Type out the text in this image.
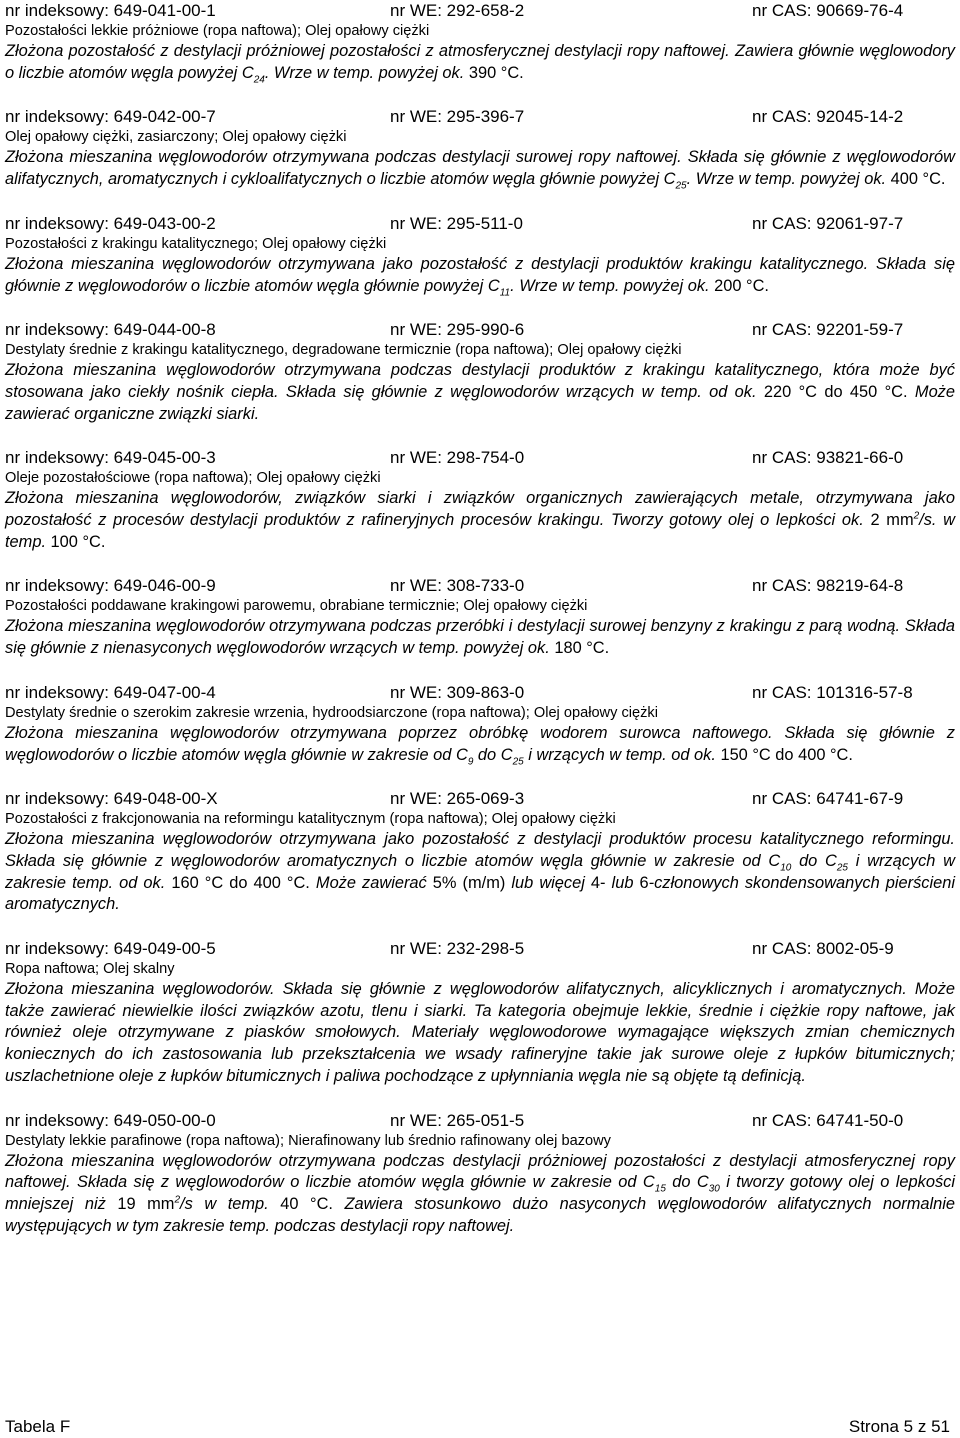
nr indeksowy: 649-041-00-1	nr WE: 292-658-2	nr CAS: 90669-76-4
Pozostałości lekkie próżniowe (ropa naftowa); Olej opałowy ciężki
Złożona pozostałość z destylacji próżniowej pozostałości z atmosferycznej destylacji ropy naftowej. Zawiera głównie węglowodory o liczbie atomów węgla powyżej $C_{24}$. Wrze w temp. powyżej ok. 390 °C.
nr indeksowy: 649-042-00-7	nr WE: 295-396-7	nr CAS: 92045-14-2
Olej opałowy ciężki, zasiarczony; Olej opałowy ciężki
Złożona mieszanina węglowodorów otrzymywana podczas destylacji surowej ropy naftowej. Składa się głównie z węglowodorów alifatycznych, aromatycznych i cykloalifatycznych o liczbie atomów węgla głównie powyżej $C_{25}$. Wrze w temp. powyżej ok. 400 °C.
nr indeksowy: 649-043-00-2	nr WE: 295-511-0	nr CAS: 92061-97-7
Pozostałości z krakingu katalitycznego; Olej opałowy ciężki
Złożona mieszanina węglowodorów otrzymywana jako pozostałość z destylacji produktów krakingu katalitycznego. Składa się głównie z węglowodorów o liczbie atomów węgla głównie powyżej $C_{11}$. Wrze w temp. powyżej ok. 200 °C.
nr indeksowy: 649-044-00-8	nr WE: 295-990-6	nr CAS: 92201-59-7
Destylaty średnie z krakingu katalitycznego, degradowane termicznie (ropa naftowa); Olej opałowy ciężki
Złożona mieszanina węglowodorów otrzymywana podczas destylacji produktów z krakingu katalitycznego, która może być stosowana jako ciekły nośnik ciepła. Składa się głównie z węglowodorów wrzących w temp. od ok. 220 °C do 450 °C. Może zawierać organiczne związki siarki.
nr indeksowy: 649-045-00-3	nr WE: 298-754-0	nr CAS: 93821-66-0
Oleje pozostałościowe (ropa naftowa); Olej opałowy ciężki
Złożona mieszanina węglowodorów, związków siarki i związków organicznych zawierających metale, otrzymywana jako pozostałość z procesów destylacji produktów z rafineryjnych procesów krakingu. Tworzy gotowy olej o lepkości ok. 2 $mm^2/s$. w temp. 100 °C.
nr indeksowy: 649-046-00-9	nr WE: 308-733-0	nr CAS: 98219-64-8
Pozostałości poddawane krakingowi parowemu, obrabiane termicznie; Olej opałowy ciężki
Złożona mieszanina węglowodorów otrzymywana podczas przeróbki i destylacji surowej benzyny z krakingu z parą wodną. Składa się głównie z nienasyconych węglowodorów wrzących w temp. powyżej ok. 180 °C.
nr indeksowy: 649-047-00-4	nr WE: 309-863-0	nr CAS: 101316-57-8
Destylaty średnie o szerokim zakresie wrzenia, hydroodsiarczone (ropa naftowa); Olej opałowy ciężki
Złożona mieszanina węglowodorów otrzymywana poprzez obróbkę wodorem surowca naftowego. Składa się głównie z węglowodorów o liczbie atomów węgla głównie w zakresie od $C_9$ do $C_{25}$ i wrzących w temp. od ok. 150 °C do 400 °C.
nr indeksowy: 649-048-00-X	nr WE: 265-069-3	nr CAS: 64741-67-9
Pozostałości z frakcjonowania na reformingu katalitycznym (ropa naftowa); Olej opałowy ciężki
Złożona mieszanina węglowodorów otrzymywana jako pozostałość z destylacji produktów procesu katalitycznego reformingu. Składa się głównie z węglowodorów aromatycznych o liczbie atomów węgla głównie w zakresie od $C_{10}$ do $C_{25}$ i wrzących w zakresie temp. od ok. 160 °C do 400 °C. Może zawierać 5% (m/m) lub więcej 4- lub 6-członowych skondensowanych pierścieni aromatycznych.
nr indeksowy: 649-049-00-5	nr WE: 232-298-5	nr CAS: 8002-05-9
Ropa naftowa; Olej skalny
Złożona mieszanina węglowodorów. Składa się głównie z węglowodorów alifatycznych, alicyklicznych i aromatycznych. Może także zawierać niewielkie ilości związków azotu, tlenu i siarki. Ta kategoria obejmuje lekkie, średnie i ciężkie ropy naftowe, jak również oleje otrzymywane z piasków smołowych. Materiały węglowodorowe wymagające większych zmian chemicznych koniecznych do ich zastosowania lub przekształcenia we wsady rafineryjne takie jak surowe oleje z łupków bitumicznych; uszlachetnione oleje z łupków bitumicznych i paliwa pochodzące z upłynniania węgla nie są objęte tą definicją.
nr indeksowy: 649-050-00-0	nr WE: 265-051-5	nr CAS: 64741-50-0
Destylaty lekkie parafinowe (ropa naftowa); Nierafinowany lub średnio rafinowany olej bazowy
Złożona mieszanina węglowodorów otrzymywana podczas destylacji próżniowej pozostałości z destylacji atmosferycznej ropy naftowej. Składa się z węglowodorów o liczbie atomów węgla głównie w zakresie od $C_{15}$ do $C_{30}$ i tworzy gotowy olej o lepkości mniejszej niż 19 $mm^2/s$ w temp. 40 °C. Zawiera stosunkowo dużo nasyconych węglowodorów alifatycznych normalnie występujących w tym zakresie temp. podczas destylacji ropy naftowej.
Tabela F	Strona 5 z 51
